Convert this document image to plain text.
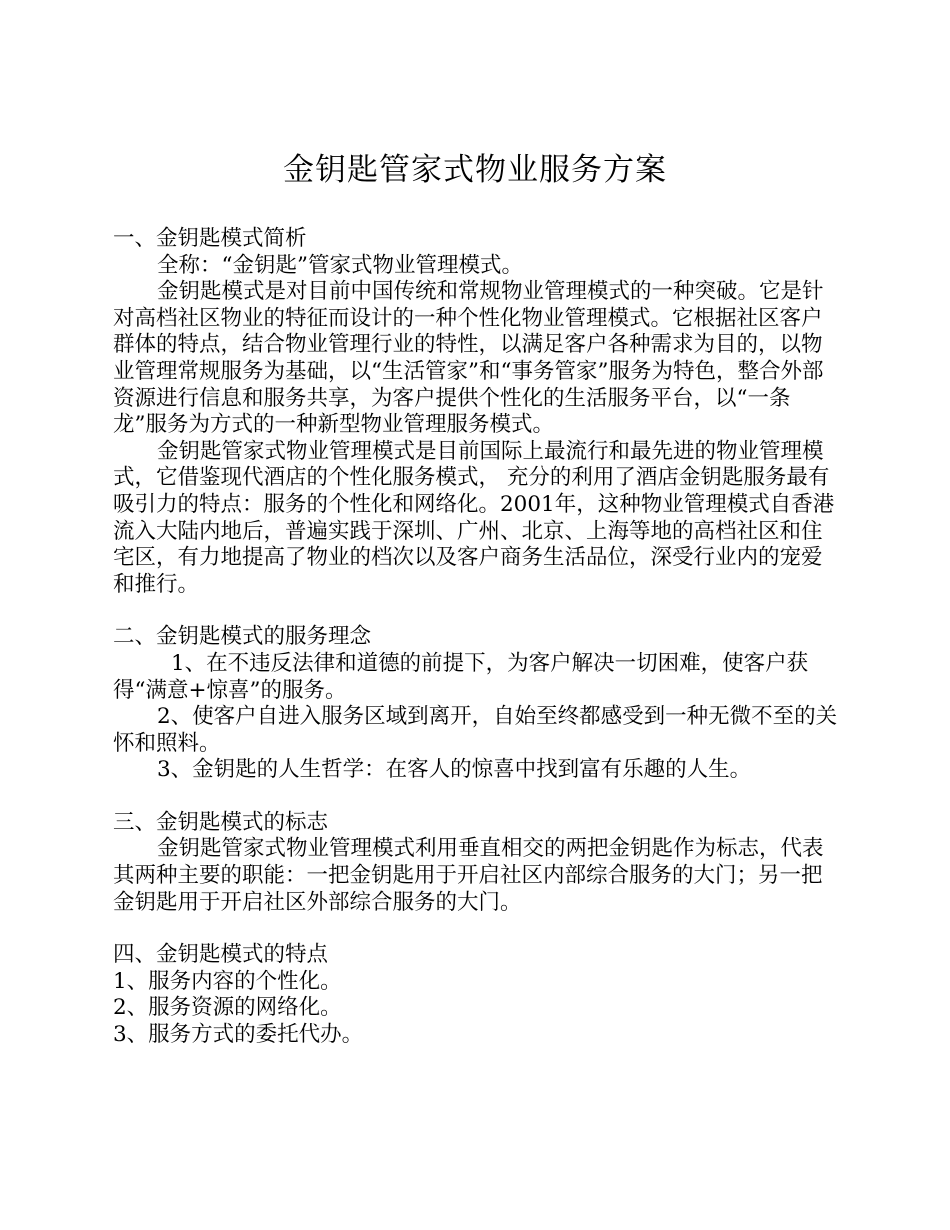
金钥匙管家式物业服务方案

一、金钥匙模式简析

全称：“金钥匙”管家式物业管理模式。

金钥匙模式是对目前中国传统和常规物业管理模式的一种突破。它是针对高档社区物业的特征而设计的一种个性化物业管理模式。它根据社区客户群体的特点，结合物业管理行业的特性，以满足客户各种需求为目的，以物业管理常规服务为基础，以“生活管家”和“事务管家”服务为特色，整合外部资源进行信息和服务共享，为客户提供个性化的生活服务平台，以“一条龙”服务为方式的一种新型物业管理服务模式。

金钥匙管家式物业管理模式是目前国际上最流行和最先进的物业管理模式，它借鉴现代酒店的个性化服务模式， 充分的利用了酒店金钥匙服务最有吸引力的特点：服务的个性化和网络化。2001年，这种物业管理模式自香港流入大陆内地后，普遍实践于深圳、广州、北京、上海等地的高档社区和住宅区，有力地提高了物业的档次以及客户商务生活品位，深受行业内的宠爱和推行。

二、金钥匙模式的服务理念

1、在不违反法律和道德的前提下，为客户解决一切困难，使客户获得“满意+惊喜”的服务。

2、使客户自进入服务区域到离开，自始至终都感受到一种无微不至的关怀和照料。

3、金钥匙的人生哲学：在客人的惊喜中找到富有乐趣的人生。

三、金钥匙模式的标志

金钥匙管家式物业管理模式利用垂直相交的两把金钥匙作为标志，代表其两种主要的职能：一把金钥匙用于开启社区内部综合服务的大门；另一把金钥匙用于开启社区外部综合服务的大门。

四、金钥匙模式的特点

1、服务内容的个性化。

2、服务资源的网络化。

3、服务方式的委托代办。
